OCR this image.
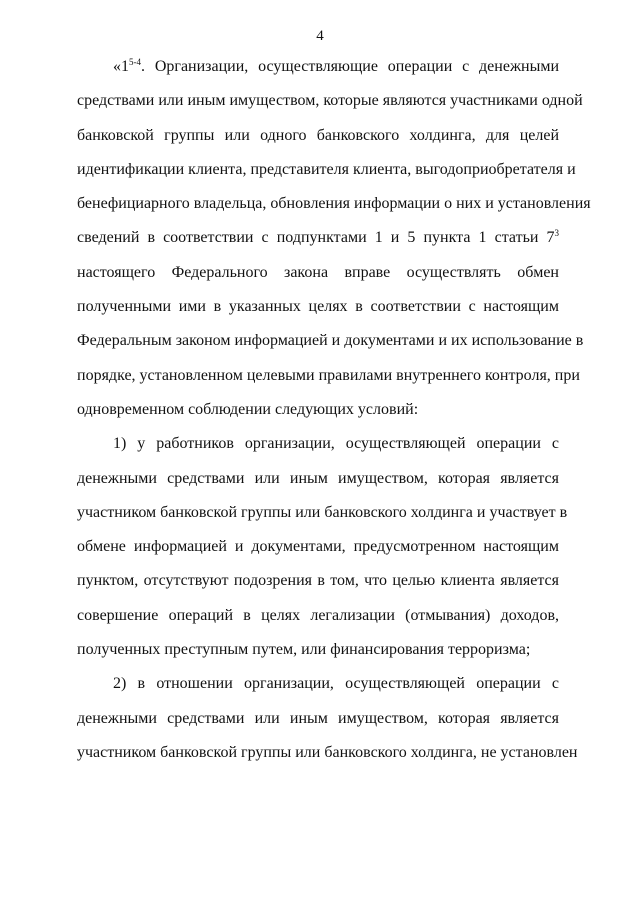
4
«1$^{5-4}$. Организации, осуществляющие операции с денежными
средствами или иным имуществом, которые являются участниками одной
банковской группы или одного банковского холдинга, для целей
идентификации клиента, представителя клиента, выгодоприобретателя и
бенефициарного владельца, обновления информации о них и установления
сведений в соответствии с подпунктами 1 и 5 пункта 1 статьи $7^3$
настоящего Федерального закона вправе осуществлять обмен
полученными ими в указанных целях в соответствии с настоящим
Федеральным законом информацией и документами и их использование в
порядке, установленном целевыми правилами внутреннего контроля, при
одновременном соблюдении следующих условий:
1) у работников организации, осуществляющей операции с
денежными средствами или иным имуществом, которая является
участником банковской группы или банковского холдинга и участвует в
обмене информацией и документами, предусмотренном настоящим
пунктом, отсутствуют подозрения в том, что целью клиента является
совершение операций в целях легализации (отмывания) доходов,
полученных преступным путем, или финансирования терроризма;
2) в отношении организации, осуществляющей операции с
денежными средствами или иным имуществом, которая является
участником банковской группы или банковского холдинга, не установлен
